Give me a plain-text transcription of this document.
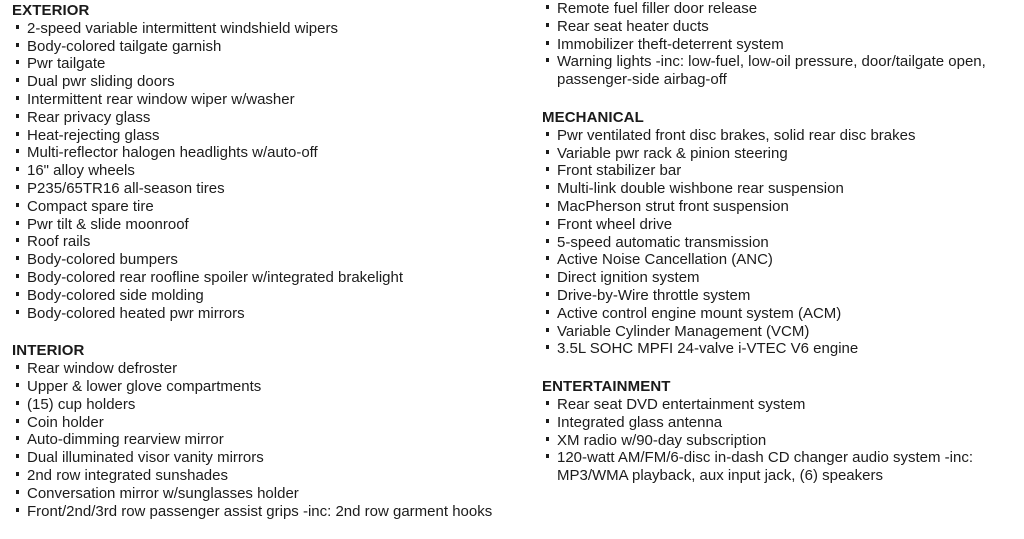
EXTERIOR
2-speed variable intermittent windshield wipers
Body-colored tailgate garnish
Pwr tailgate
Dual pwr sliding doors
Intermittent rear window wiper w/washer
Rear privacy glass
Heat-rejecting glass
Multi-reflector halogen headlights w/auto-off
16" alloy wheels
P235/65TR16 all-season tires
Compact spare tire
Pwr tilt & slide moonroof
Roof rails
Body-colored bumpers
Body-colored rear roofline spoiler w/integrated brakelight
Body-colored side molding
Body-colored heated pwr mirrors
INTERIOR
Rear window defroster
Upper & lower glove compartments
(15) cup holders
Coin holder
Auto-dimming rearview mirror
Dual illuminated visor vanity mirrors
2nd row integrated sunshades
Conversation mirror w/sunglasses holder
Front/2nd/3rd row passenger assist grips -inc: 2nd row garment hooks
Remote fuel filler door release
Rear seat heater ducts
Immobilizer theft-deterrent system
Warning lights -inc: low-fuel, low-oil pressure, door/tailgate open, passenger-side airbag-off
MECHANICAL
Pwr ventilated front disc brakes, solid rear disc brakes
Variable pwr rack & pinion steering
Front stabilizer bar
Multi-link double wishbone rear suspension
MacPherson strut front suspension
Front wheel drive
5-speed automatic transmission
Active Noise Cancellation (ANC)
Direct ignition system
Drive-by-Wire throttle system
Active control engine mount system (ACM)
Variable Cylinder Management (VCM)
3.5L SOHC MPFI 24-valve i-VTEC V6 engine
ENTERTAINMENT
Rear seat DVD entertainment system
Integrated glass antenna
XM radio w/90-day subscription
120-watt AM/FM/6-disc in-dash CD changer audio system -inc: MP3/WMA playback, aux input jack, (6) speakers
